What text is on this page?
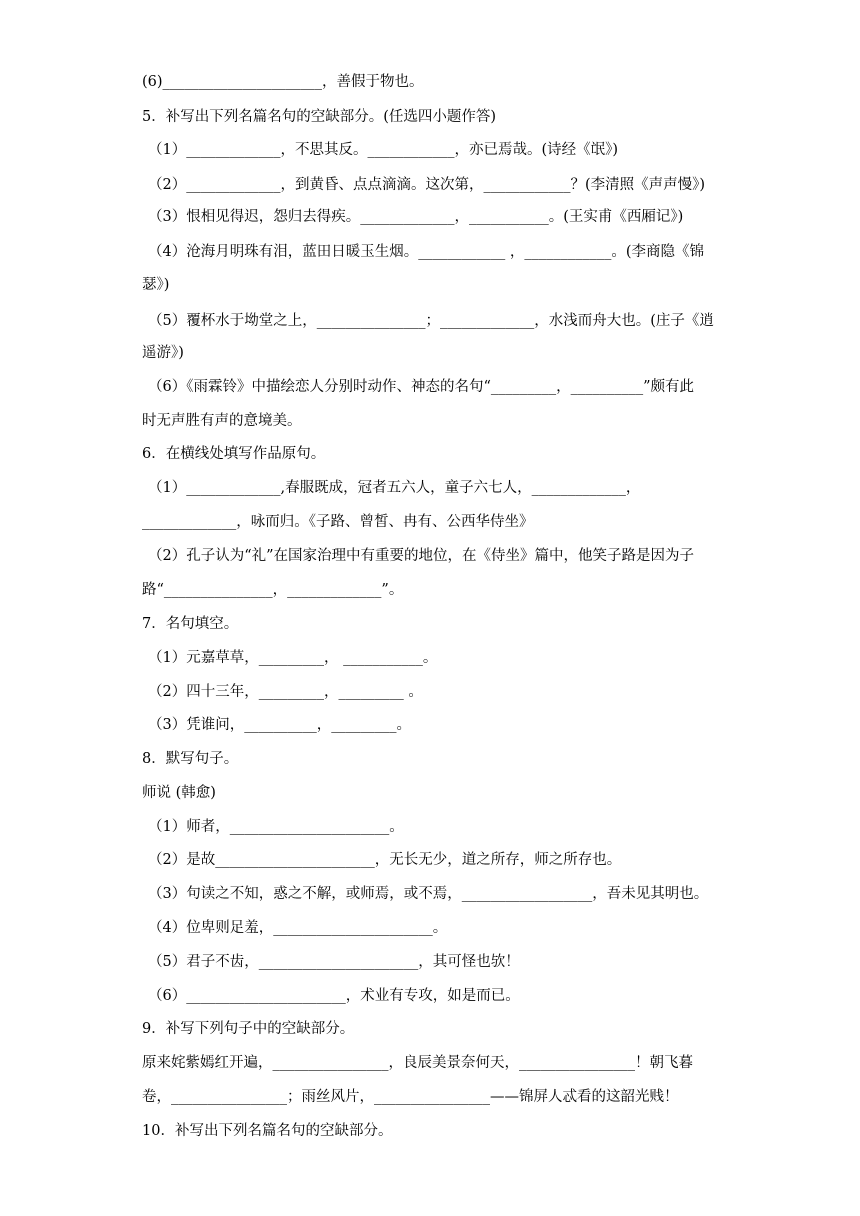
(6)______________________，善假于物也。
5．补写出下列名篇名句的空缺部分。(任选四小题作答)
（1）_____________，不思其反。____________，亦已焉哉。(诗经《氓》)
（2）_____________，到黄昏、点点滴滴。这次第，____________？(李清照《声声慢》)
（3）恨相见得迟，怨归去得疾。_____________，___________。(王实甫《西厢记》)
（4）沧海月明珠有泪，蓝田日暖玉生烟。____________ ，____________。(李商隐《锦
瑟》)
（5）覆杯水于坳堂之上，_______________；_____________，水浅而舟大也。(庄子《逍
遥游》)
（6）《雨霖铃》中描绘恋人分别时动作、神态的名句“_________，__________”颇有此
时无声胜有声的意境美。
6．在横线处填写作品原句。
（1）_____________,春服既成，冠者五六人，童子六七人，_____________，
_____________，咏而归。《子路、曾皙、冉有、公西华侍坐》
（2）孔子认为“礼”在国家治理中有重要的地位，在《侍坐》篇中，他笑子路是因为子
路“_______________，_____________”。
7．名句填空。
（1）元嘉草草，_________， ___________。
（2）四十三年，_________，_________ 。
（3）凭谁问，__________，_________。
8．默写句子。
师说 (韩愈)
（1）师者，______________________。
（2）是故______________________，无长无少，道之所存，师之所存也。
（3）句读之不知，惑之不解，或师焉，或不焉，__________________，吾未见其明也。
（4）位卑则足羞，______________________。
（5）君子不齿，______________________，其可怪也欤！
（6）______________________，术业有专攻，如是而已。
9．补写下列句子中的空缺部分。
原来姹紫嫣红开遍，________________，良辰美景奈何天，________________！朝飞暮
卷，________________；雨丝风片，________________——锦屏人忒看的这韶光贱！
10．补写出下列名篇名句的空缺部分。
